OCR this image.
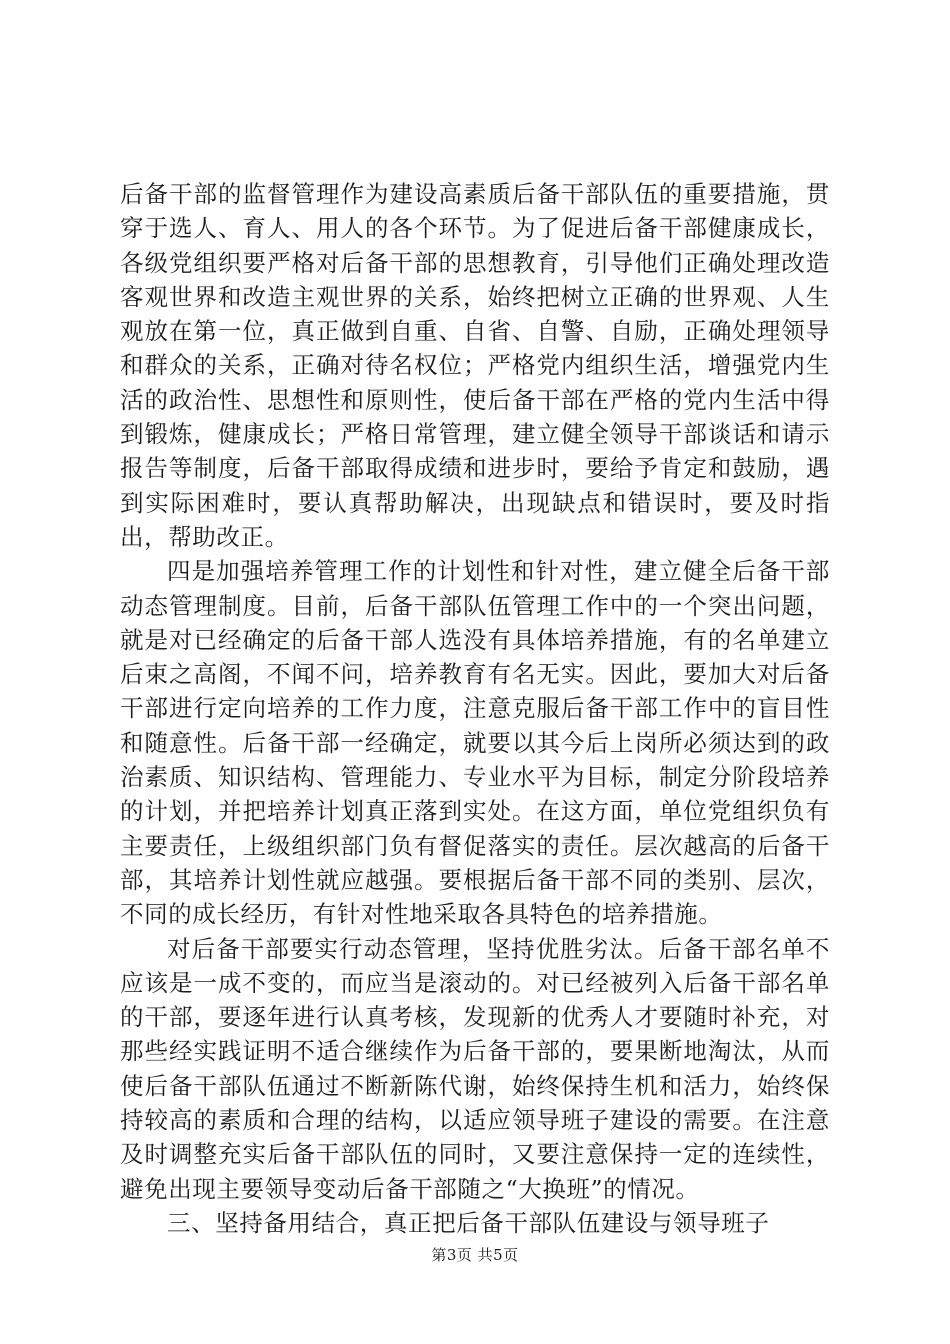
后备干部的监督管理作为建设高素质后备干部队伍的重要措施，贯穿于选人、育人、用人的各个环节。为了促进后备干部健康成长，各级党组织要严格对后备干部的思想教育，引导他们正确处理改造客观世界和改造主观世界的关系，始终把树立正确的世界观、人生观放在第一位，真正做到自重、自省、自警、自励，正确处理领导和群众的关系，正确对待名权位；严格党内组织生活，增强党内生活的政治性、思想性和原则性，使后备干部在严格的党内生活中得到锻炼，健康成长；严格日常管理，建立健全领导干部谈话和请示报告等制度，后备干部取得成绩和进步时，要给予肯定和鼓励，遇到实际困难时，要认真帮助解决，出现缺点和错误时，要及时指出，帮助改正。

四是加强培养管理工作的计划性和针对性，建立健全后备干部动态管理制度。目前，后备干部队伍管理工作中的一个突出问题，就是对已经确定的后备干部人选没有具体培养措施，有的名单建立后束之高阁，不闻不问，培养教育有名无实。因此，要加大对后备干部进行定向培养的工作力度，注意克服后备干部工作中的盲目性和随意性。后备干部一经确定，就要以其今后上岗所必须达到的政治素质、知识结构、管理能力、专业水平为目标，制定分阶段培养的计划，并把培养计划真正落到实处。在这方面，单位党组织负有主要责任，上级组织部门负有督促落实的责任。层次越高的后备干部，其培养计划性就应越强。要根据后备干部不同的类别、层次，不同的成长经历，有针对性地采取各具特色的培养措施。

对后备干部要实行动态管理，坚持优胜劣汰。后备干部名单不应该是一成不变的，而应当是滚动的。对已经被列入后备干部名单的干部，要逐年进行认真考核，发现新的优秀人才要随时补充，对那些经实践证明不适合继续作为后备干部的，要果断地淘汰，从而使后备干部队伍通过不断新陈代谢，始终保持生机和活力，始终保持较高的素质和合理的结构，以适应领导班子建设的需要。在注意及时调整充实后备干部队伍的同时，又要注意保持一定的连续性，避免出现主要领导变动后备干部随之“大换班”的情况。

三、坚持备用结合，真正把后备干部队伍建设与领导班子

第3页 共5页
